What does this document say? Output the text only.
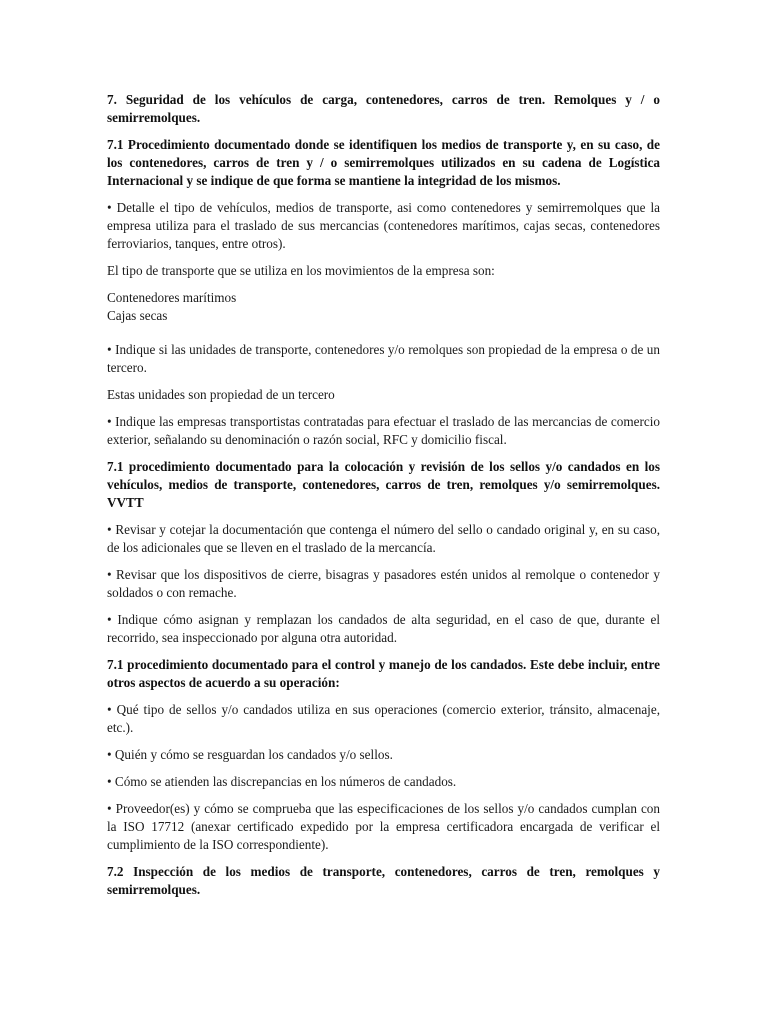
7. Seguridad de los vehículos de carga, contenedores, carros de tren. Remolques y / o semirremolques.

7.1 Procedimiento documentado donde se identifiquen los medios de transporte y, en su caso, de los contenedores, carros de tren y / o semirremolques utilizados en su cadena de Logística Internacional y se indique de que forma se mantiene la integridad de los mismos.

• Detalle el tipo de vehículos, medios de transporte, asi como contenedores y semirremolques que la empresa utiliza para el traslado de sus mercancias (contenedores marítimos, cajas secas, contenedores ferroviarios, tanques, entre otros).

El tipo de transporte que se utiliza en los movimientos de la empresa son:

Contenedores marítimos

Cajas secas

• Indique si las unidades de transporte, contenedores y/o remolques son propiedad de la empresa o de un tercero.

Estas unidades son propiedad de un tercero

• Indique las empresas transportistas contratadas para efectuar el traslado de las mercancias de comercio exterior, señalando su denominación o razón social, RFC y domicilio fiscal.

7.1 procedimiento documentado para la colocación y revisión de los sellos y/o candados en los vehículos, medios de transporte, contenedores, carros de tren, remolques y/o semirremolques. VVTT

• Revisar y cotejar la documentación que contenga el número del sello o candado original y, en su caso, de los adicionales que se lleven en el traslado de la mercancía.

• Revisar que los dispositivos de cierre, bisagras y pasadores estén unidos al remolque o contenedor y soldados o con remache.

• Indique cómo asignan y remplazan los candados de alta seguridad, en el caso de que, durante el recorrido, sea inspeccionado por alguna otra autoridad.

7.1 procedimiento documentado para el control y manejo de los candados. Este debe incluir, entre otros aspectos de acuerdo a su operación:

• Qué tipo de sellos y/o candados utiliza en sus operaciones (comercio exterior, tránsito, almacenaje, etc.).

• Quién y cómo se resguardan los candados y/o sellos.

• Cómo se atienden las discrepancias en los números de candados.

• Proveedor(es) y cómo se comprueba que las especificaciones de los sellos y/o candados cumplan con la ISO 17712 (anexar certificado expedido por la empresa certificadora encargada de verificar el cumplimiento de la ISO correspondiente).

7.2 Inspección de los medios de transporte, contenedores, carros de tren, remolques y semirremolques.
